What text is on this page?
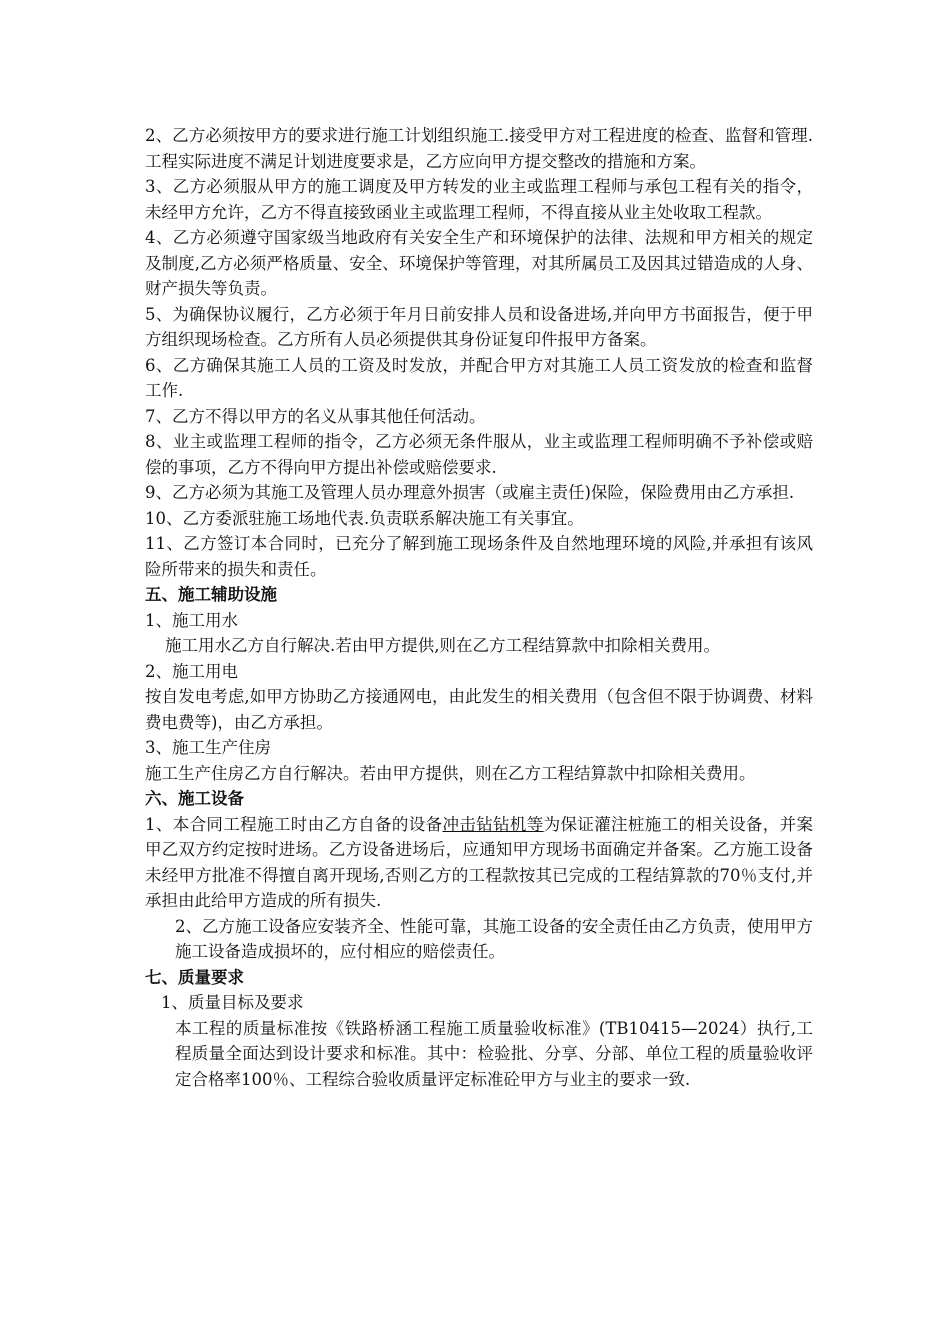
2、乙方必须按甲方的要求进行施工计划组织施工.接受甲方对工程进度的检查、监督和管理.工程实际进度不满足计划进度要求是，乙方应向甲方提交整改的措施和方案。
3、乙方必须服从甲方的施工调度及甲方转发的业主或监理工程师与承包工程有关的指令，未经甲方允许，乙方不得直接致函业主或监理工程师，不得直接从业主处收取工程款。
4、乙方必须遵守国家级当地政府有关安全生产和环境保护的法律、法规和甲方相关的规定及制度,乙方必须严格质量、安全、环境保护等管理，对其所属员工及因其过错造成的人身、财产损失等负责。
5、为确保协议履行，乙方必须于年月日前安排人员和设备进场,并向甲方书面报告，便于甲方组织现场检查。乙方所有人员必须提供其身份证复印件报甲方备案。
6、乙方确保其施工人员的工资及时发放，并配合甲方对其施工人员工资发放的检查和监督工作.
7、乙方不得以甲方的名义从事其他任何活动。
8、业主或监理工程师的指令，乙方必须无条件服从，业主或监理工程师明确不予补偿或赔偿的事项，乙方不得向甲方提出补偿或赔偿要求.
9、乙方必须为其施工及管理人员办理意外损害（或雇主责任)保险，保险费用由乙方承担.
10、乙方委派驻施工场地代表.负责联系解决施工有关事宜。
11、乙方签订本合同时，已充分了解到施工现场条件及自然地理环境的风险,并承担有该风险所带来的损失和责任。
五、施工辅助设施
1、施工用水
施工用水乙方自行解决.若由甲方提供,则在乙方工程结算款中扣除相关费用。
2、施工用电
按自发电考虑,如甲方协助乙方接通网电，由此发生的相关费用（包含但不限于协调费、材料费电费等)，由乙方承担。
3、施工生产住房
施工生产住房乙方自行解决。若由甲方提供，则在乙方工程结算款中扣除相关费用。
六、施工设备
1、本合同工程施工时由乙方自备的设备冲击钻钻机等为保证灌注桩施工的相关设备，并案甲乙双方约定按时进场。乙方设备进场后，应通知甲方现场书面确定并备案。乙方施工设备未经甲方批准不得擅自离开现场,否则乙方的工程款按其已完成的工程结算款的70％支付,并承担由此给甲方造成的所有损失.
2、乙方施工设备应安装齐全、性能可靠，其施工设备的安全责任由乙方负责，使用甲方施工设备造成损坏的，应付相应的赔偿责任。
七、质量要求
1、质量目标及要求
本工程的质量标准按《铁路桥涵工程施工质量验收标准》(TB10415—2024）执行,工程质量全面达到设计要求和标准。其中：检验批、分享、分部、单位工程的质量验收评定合格率100％、工程综合验收质量评定标准砼甲方与业主的要求一致.
